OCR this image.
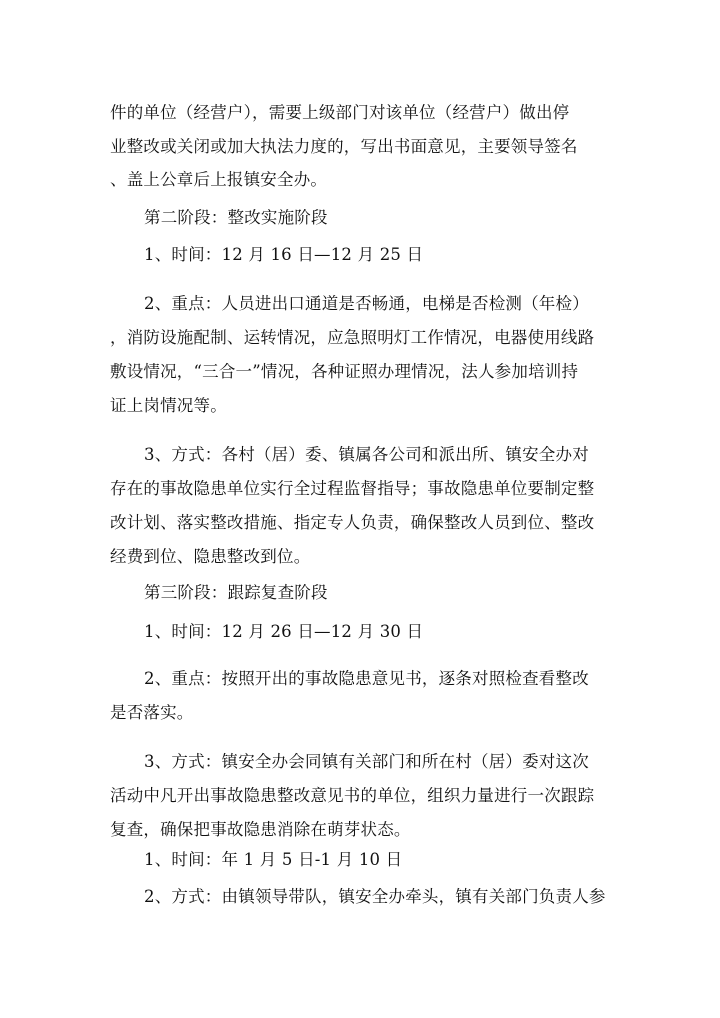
件的单位（经营户），需要上级部门对该单位（经营户）做出停
业整改或关闭或加大执法力度的，写出书面意见，主要领导签名
、盖上公章后上报镇安全办。
第二阶段：整改实施阶段
1、时间：12 月 16 日—12 月 25 日
2、重点：人员进出口通道是否畅通，电梯是否检测（年检）
，消防设施配制、运转情况，应急照明灯工作情况，电器使用线路
敷设情况，“三合一”情况，各种证照办理情况，法人参加培训持
证上岗情况等。
3、方式：各村（居）委、镇属各公司和派出所、镇安全办对
存在的事故隐患单位实行全过程监督指导；事故隐患单位要制定整
改计划、落实整改措施、指定专人负责，确保整改人员到位、整改
经费到位、隐患整改到位。
第三阶段：跟踪复查阶段
1、时间：12 月 26 日—12 月 30 日
2、重点：按照开出的事故隐患意见书，逐条对照检查看整改
是否落实。
3、方式：镇安全办会同镇有关部门和所在村（居）委对这次
活动中凡开出事故隐患整改意见书的单位，组织力量进行一次跟踪
复查，确保把事故隐患消除在萌芽状态。
1、时间：年 1 月 5 日-1 月 10 日
2、方式：由镇领导带队，镇安全办牵头，镇有关部门负责人参
